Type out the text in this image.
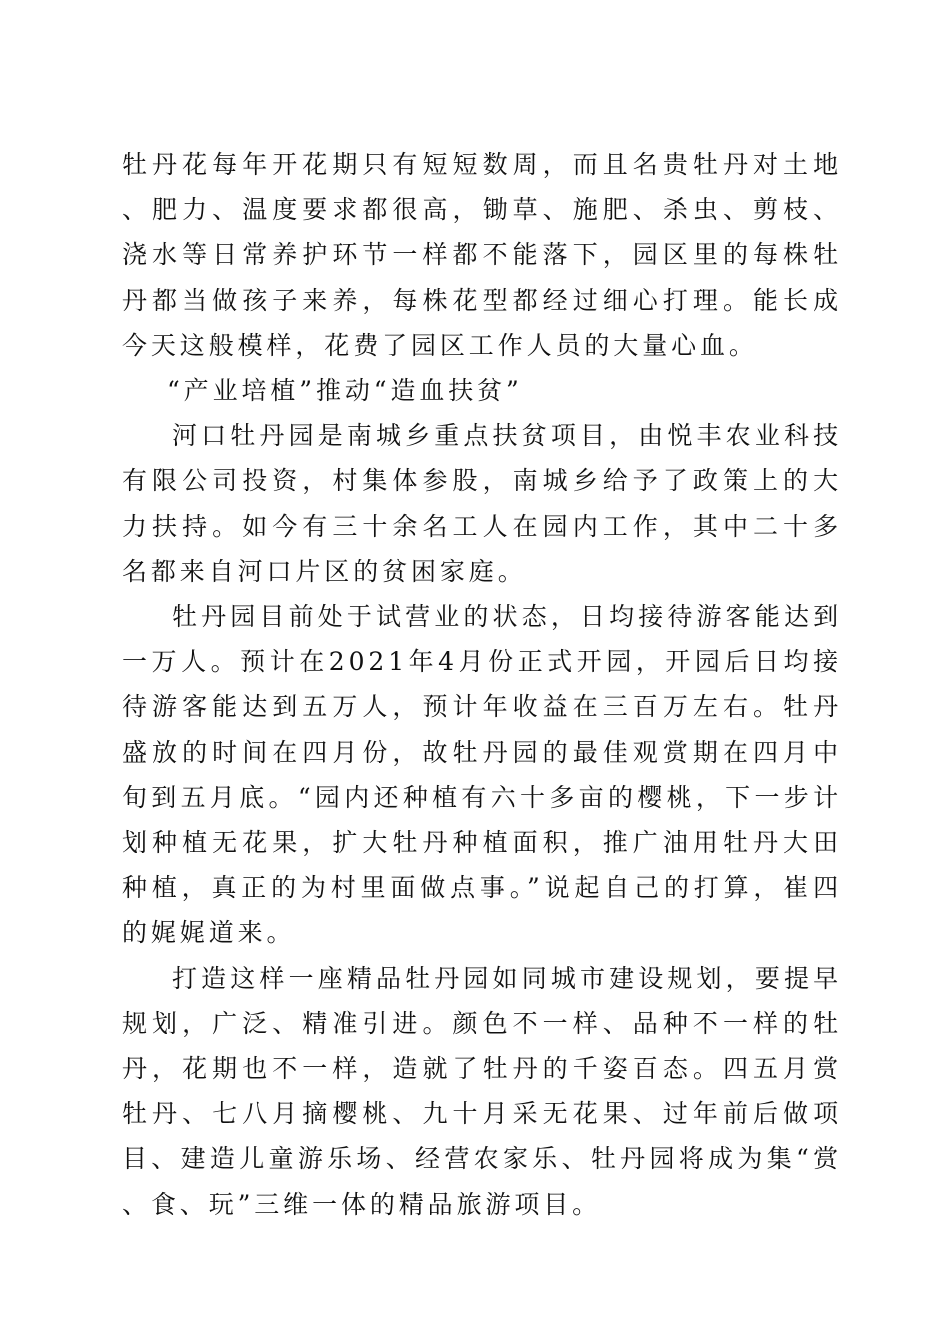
牡丹花每年开花期只有短短数周，而且名贵牡丹对土地、肥力、温度要求都很高，锄草、施肥、杀虫、剪枝、浇水等日常养护环节一样都不能落下，园区里的每株牡丹都当做孩子来养，每株花型都经过细心打理。能长成今天这般模样，花费了园区工作人员的大量心血。

“产业培植”推动“造血扶贫”

河口牡丹园是南城乡重点扶贫项目，由悦丰农业科技有限公司投资，村集体参股，南城乡给予了政策上的大力扶持。如今有三十余名工人在园内工作，其中二十多名都来自河口片区的贫困家庭。

牡丹园目前处于试营业的状态，日均接待游客能达到一万人。预计在2021年4月份正式开园，开园后日均接待游客能达到五万人，预计年收益在三百万左右。牡丹盛放的时间在四月份，故牡丹园的最佳观赏期在四月中旬到五月底。“园内还种植有六十多亩的樱桃，下一步计划种植无花果，扩大牡丹种植面积，推广油用牡丹大田种植，真正的为村里面做点事。”说起自己的打算，崔四的娓娓道来。

打造这样一座精品牡丹园如同城市建设规划，要提早规划，广泛、精准引进。颜色不一样、品种不一样的牡丹，花期也不一样，造就了牡丹的千姿百态。四五月赏牡丹、七八月摘樱桃、九十月采无花果、过年前后做项目、建造儿童游乐场、经营农家乐、牡丹园将成为集“赏、食、玩”三维一体的精品旅游项目。
